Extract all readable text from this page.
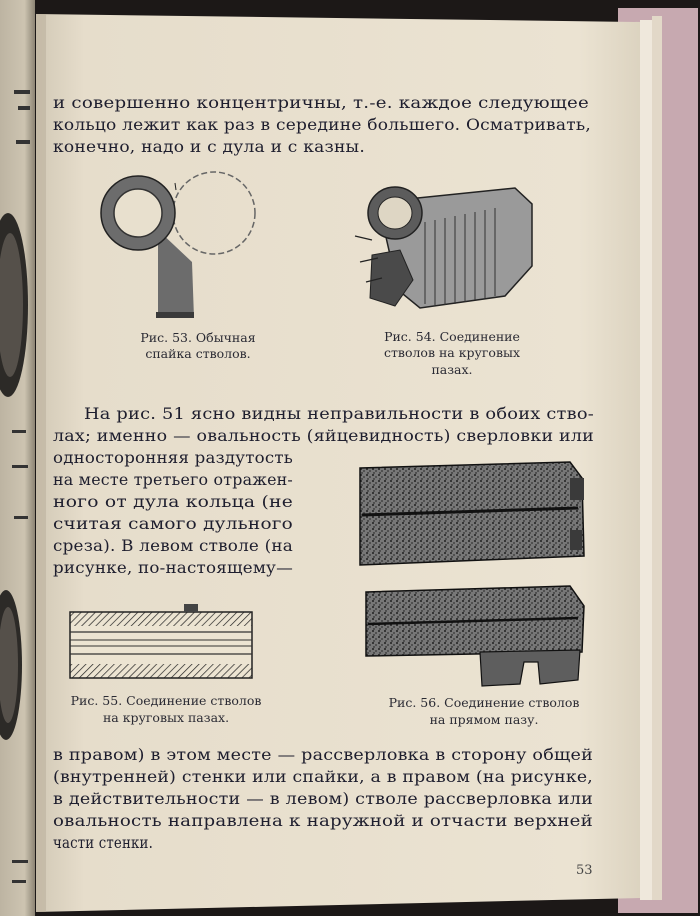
Рис. 53. Обычная
спайка стволов.
Рис. 54. Соединение
стволов на круговых
пазах.
Рис. 55. Соединение стволов
на круговых пазах.
Рис. 56. Соединение стволов
на прямом пазу.
и совершенно концентричны, т.-е. каждое следующее
кольцо лежит как раз в середине большего. Осматривать,
конечно, надо и с дула и с казны.
На рис. 51 ясно видны неправильности в обоих ство-
лах; именно — овальность (яйцевидность) сверловки или
односторонняя раздутость
на месте третьего отражен-
ного от дула кольца (не
считая самого дульного
среза). В левом стволе (на
рисунке, по-настоящему—
в правом) в этом месте — рассверловка в сторону общей
(внутренней) стенки или спайки, а в правом (на рисунке,
в действительности — в левом) стволе рассверловка или
овальность направлена к наружной и отчасти верхней
части стенки.
53
